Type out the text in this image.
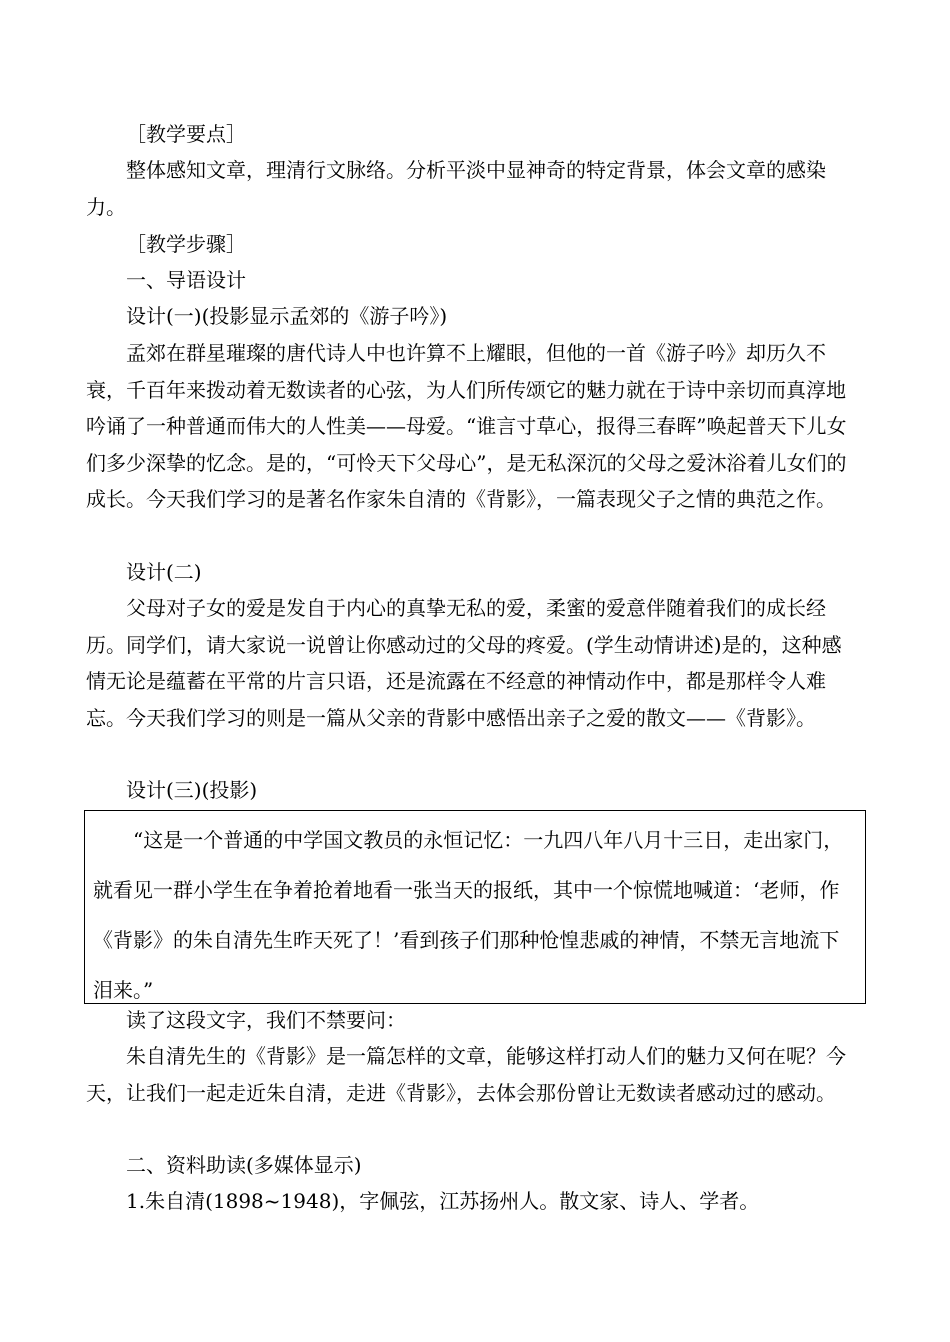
［教学要点］

整体感知文章，理清行文脉络。分析平淡中显神奇的特定背景，体会文章的感染力。

［教学步骤］

一、导语设计

设计(一)(投影显示孟郊的《游子吟》)

孟郊在群星璀璨的唐代诗人中也许算不上耀眼，但他的一首《游子吟》却历久不衰，千百年来拨动着无数读者的心弦，为人们所传颂它的魅力就在于诗中亲切而真淳地吟诵了一种普通而伟大的人性美——母爱。“谁言寸草心，报得三春晖”唤起普天下儿女们多少深挚的忆念。是的，“可怜天下父母心”，是无私深沉的父母之爱沐浴着儿女们的成长。今天我们学习的是著名作家朱自清的《背影》，一篇表现父子之情的典范之作。

设计(二)

父母对子女的爱是发自于内心的真挚无私的爱，柔蜜的爱意伴随着我们的成长经历。同学们，请大家说一说曾让你感动过的父母的疼爱。(学生动情讲述)是的，这种感情无论是蕴蓄在平常的片言只语，还是流露在不经意的神情动作中，都是那样令人难忘。今天我们学习的则是一篇从父亲的背影中感悟出亲子之爱的散文——《背影》。

设计(三)(投影)

“这是一个普通的中学国文教员的永恒记忆：一九四八年八月十三日，走出家门，就看见一群小学生在争着抢着地看一张当天的报纸，其中一个惊慌地喊道：‘老师，作《背影》的朱自清先生昨天死了！’看到孩子们那种怆惶悲戚的神情，不禁无言地流下泪来。”

读了这段文字，我们不禁要问：

朱自清先生的《背影》是一篇怎样的文章，能够这样打动人们的魅力又何在呢？今天，让我们一起走近朱自清，走进《背影》，去体会那份曾让无数读者感动过的感动。

二、资料助读(多媒体显示)

1.朱自清(1898~1948)，字佩弦，江苏扬州人。散文家、诗人、学者。
